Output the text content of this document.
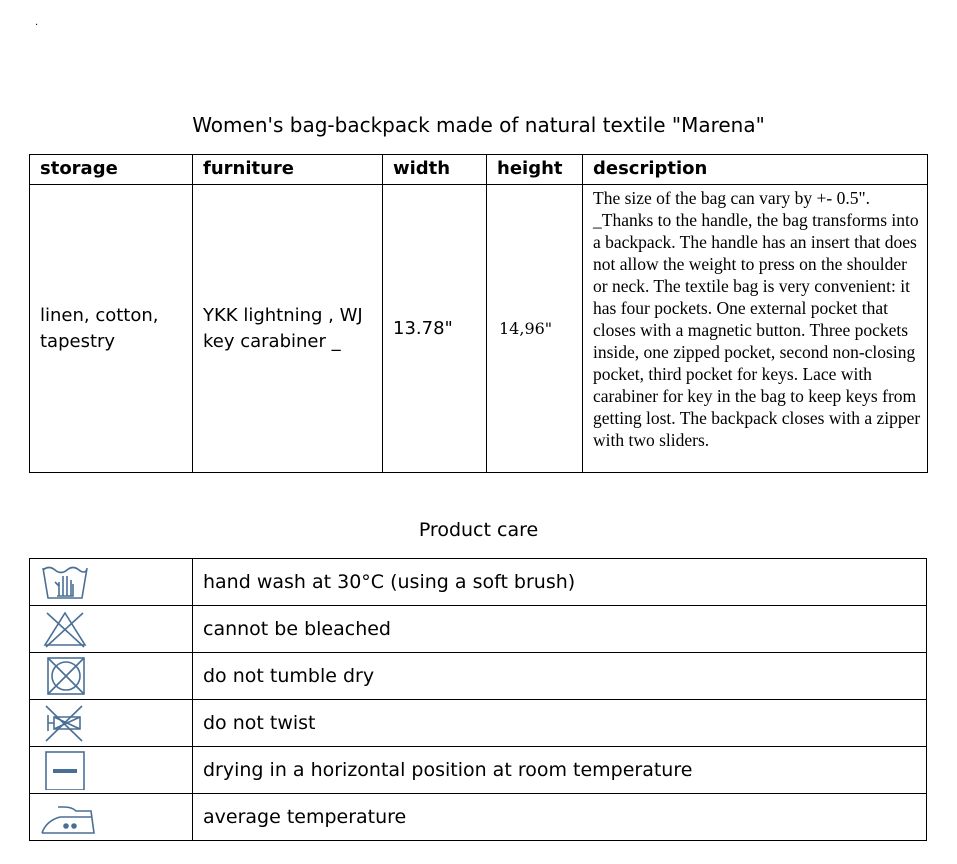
.
Women's bag-backpack made of natural textile "Marena"
storage	furniture	width	height	description
linen, cotton, tapestry	YKK lightning , WJ key carabiner _	13.78"	14,96"	The size of the bag can vary by +- 0.5". _Thanks to the handle, the bag transforms into a backpack. The handle has an insert that does not allow the weight to press on the shoulder or neck. The textile bag is very convenient: it has four pockets. One external pocket that closes with a magnetic button. Three pockets inside, one zipped pocket, second non-closing pocket, third pocket for keys. Lace with carabiner for key in the bag to keep keys from getting lost. The backpack closes with a zipper with two sliders.
Product care
	hand wash at 30°C (using a soft brush)

	cannot be bleached

	do not tumble dry

	do not twist

	drying in a horizontal position at room temperature

	average temperature
